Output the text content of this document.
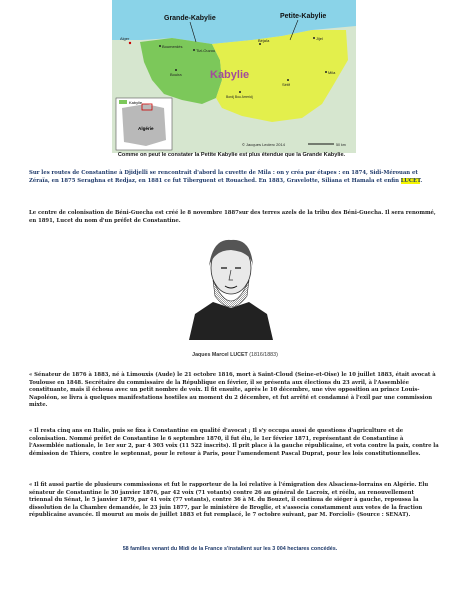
Kabylie
Algérie
Grande-Kabylie	Petite-Kabylie
Kabylie
Alger
Boumerdès
Tizi-Ouzou
Béjaïa	Jijel
Bouira
Sétif
Bordj Bou Arreridj
Mila
© Jacques Leclerc 2014	50 km
Comme on peut le constater la Petite Kabylie est plus étendue que la Grande Kabylie.

Sur les routes de Constantine à Djidjelli se rencontrait d'abord la cuvette de Mila : on y créa par étapes : en 1874, Sidi-Mérouan et Zéraïa, en 1875 Seraghna et Redjaz, en 1881 ce fut Tiberguent et Rouached. En 1883, Gravelotte, Siliana et Hamala et enfin LUCET.

Le centre de colonisation de Béni-Guecha est créé le 8 novembre 1887sur des terres azels de la tribu des Béni-Guecha. Il sera renommé, en 1891, Lucet du nom d'un préfet de Constantine.

Jaques Marcel LUCET (1816/1883)

« Sénateur de 1876 à 1883, né à Limouxis (Aude) le 21 octobre 1816, mort à Saint-Cloud (Seine-et-Oise) le 10 juillet 1883, était avocat à Toulouse en 1848. Secrétaire du commissaire de la République en février, il se présenta aux élections du 23 avril, à l'Assemblée constituante, mais il échoua avec un petit nombre de voix. Il fit ensuite, après le 10 décembre, une vive opposition au prince Louis-Napoléon, se livra à quelques manifestations hostiles au moment du 2 décembre, et fut arrêté et condamné à l'exil par une commission mixte.

« Il resta cinq ans en Italie, puis se fixa à Constantine en qualité d'avocat ; Il s'y occupa aussi de questions d'agriculture et de colonisation. Nommé préfet de Constantine le 6 septembre 1870, il fut élu, le 1er février 1871, représentant de Constantine à l'Assemblée nationale, le 1er sur 2, par 4 303 voix (11 522 inscrits). Il prit place à la gauche républicaine, et vota contre la paix, contre la démission de Thiers, contre le septennat, pour le retour à Paris, pour l'amendement Pascal Duprat, pour les lois constitutionnelles.

« Il fit aussi partie de plusieurs commissions et fut le rapporteur de la loi relative à l'émigration des Alsaciens-lorrains en Algérie. Elu sénateur de Constantine le 30 janvier 1876, par 42 voix (71 votants) contre 26 au général de Lacroix, et réélu, au renouvellement triennal du Sénat, le 5 janvier 1879, par 41 voix (77 votants), contre 36 à M. du Bouzet, il continua de siéger à gauche, repoussa la dissolution de la Chambre demandée, le 23 juin 1877, par le ministère de Broglie, et s'associa constamment aux votes de la fraction républicaine avancée. Il mourut au mois de juillet 1883 et fut remplacé, le 7 octobre suivant, par M. Forcioli» (Source : SENAT).

58 familles venant du Midi de la France s'installent sur les 3 004 hectares concédés.
